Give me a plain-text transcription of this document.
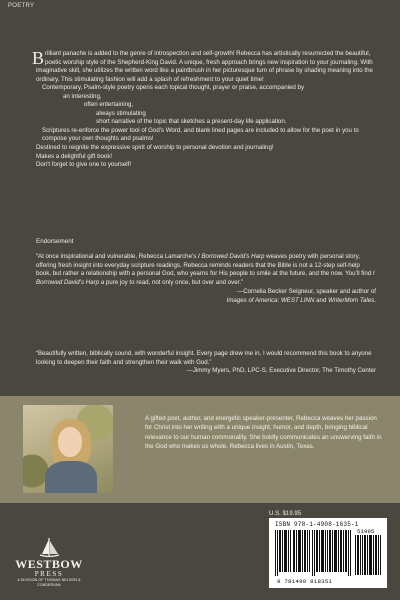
POETRY

Brilliant panache is added to the genre of introspection and self-growth! Rebecca has artistically resurrected the beautiful, poetic worship style of the Shepherd-King David. A unique, fresh approach brings new inspiration to your journaling. With imaginative skill, she utilizes the written word like a paintbrush in her picturesque turn of phrase by shading meaning into the ordinary. This stimulating fashion will add a splash of refreshment to your quiet time!

Contemporary, Psalm-style poetry opens each topical thought, prayer or praise, accompanied by

an interesting,

often entertaining,

always stimulating

short narrative of the topic that sketches a present-day life application.

Scriptures re-enforce the power tool of God's Word, and blank lined pages are included to allow for the poet in you to compose your own thoughts and psalms!

Destined to reignite the expressive spirit of worship to personal devotion and journaling!

Makes a delightful gift book!

Don't forget to give one to yourself!

Endorsement

“At once inspirational and vulnerable, Rebecca Lamarche’s I Borrowed David’s Harp weaves poetry with personal story, offering fresh insight into everyday scripture readings. Rebecca reminds readers that the Bible is not a 12-step self-help book, but rather a relationship with a personal God, who yearns for His people to smile at the future, and the now. You’ll find I Borrowed David’s Harp a pure joy to read, not only once, but over and over.”

—Cornelia Becker Seigneur, speaker and author of

Images of America: WEST LINN and WriterMom Tales.

“Beautifully written, biblically sound, with wonderful insight. Every page drew me in, I would recommend this book to anyone looking to deepen their faith and strengthen their walk with God.”

—Jimmy Myers, PhD, LPC-S, Executive Director, The Timothy Center

A gifted poet, author, and energetic speaker-presenter, Rebecca weaves her passion for Christ into her writing with a unique insight, humor, and depth, bringing biblical relevance to our human commonality. She boldly communicates an unswerving faith in the God who makes us whole. Rebecca lives in Austin, Texas.

U.S. $19.95
ISBN 978-1-4908-1635-1
51995
9 781490 818351
WESTBOW
PRESS
A DIVISION OF THOMAS NELSON & ZONDERVAN
